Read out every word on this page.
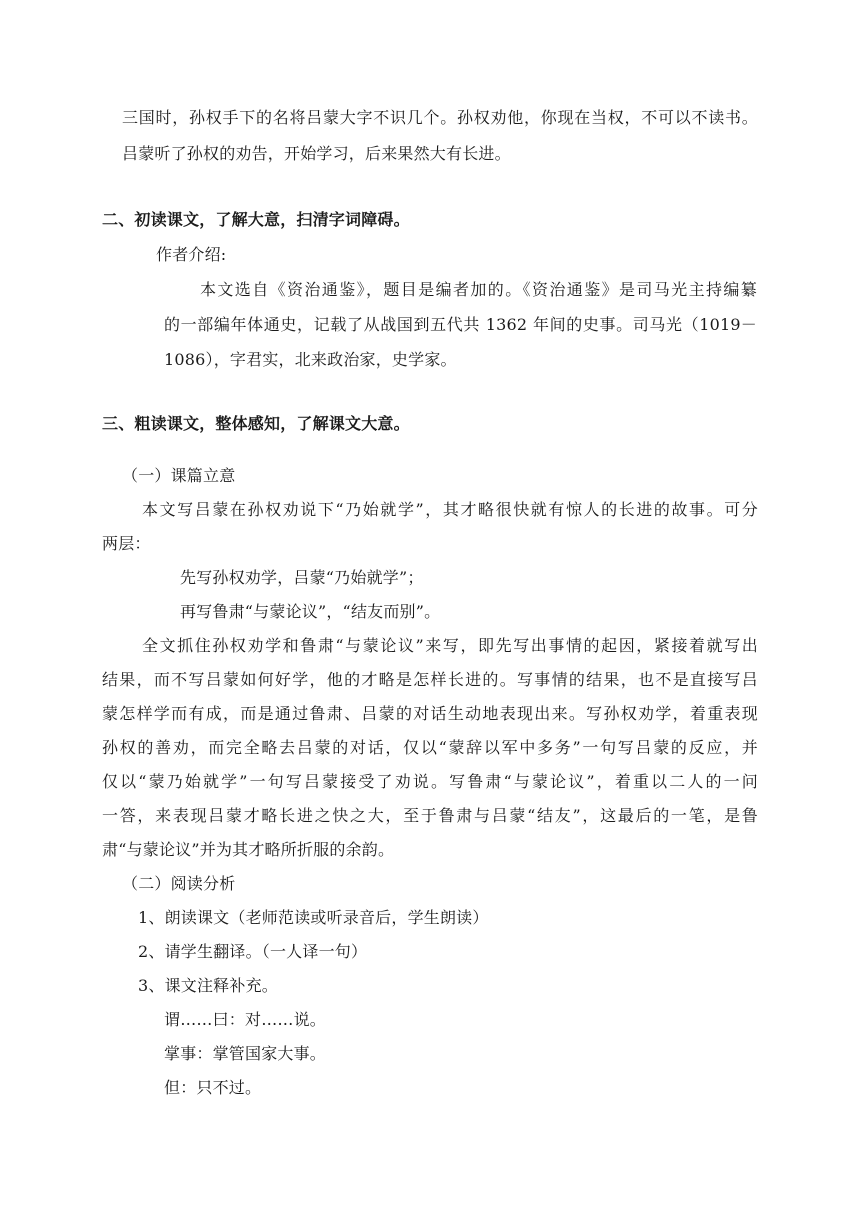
三国时，孙权手下的名将吕蒙大字不识几个。孙权劝他，你现在当权，不可以不读书。
吕蒙听了孙权的劝告，开始学习，后来果然大有长进。
二、初读课文，了解大意，扫清字词障碍。
作者介绍:
本文选自《资治通鉴》，题目是编者加的。《资治通鉴》是司马光主持编纂
的一部编年体通史，记载了从战国到五代共 1362 年间的史事。司马光（1019－
1086），字君实，北来政治家，史学家。
三、粗读课文，整体感知，了解课文大意。
（一）课篇立意
本文写吕蒙在孙权劝说下“乃始就学”，其才略很快就有惊人的长进的故事。可分
两层：
先写孙权劝学，吕蒙“乃始就学”；
再写鲁肃“与蒙论议”，“结友而别”。
全文抓住孙权劝学和鲁肃“与蒙论议”来写，即先写出事情的起因，紧接着就写出
结果，而不写吕蒙如何好学，他的才略是怎样长进的。写事情的结果，也不是直接写吕
蒙怎样学而有成，而是通过鲁肃、吕蒙的对话生动地表现出来。写孙权劝学，着重表现
孙权的善劝，而完全略去吕蒙的对话，仅以“蒙辞以军中多务”一句写吕蒙的反应，并
仅以“蒙乃始就学”一句写吕蒙接受了劝说。写鲁肃“与蒙论议”，着重以二人的一问
一答，来表现吕蒙才略长进之快之大，至于鲁肃与吕蒙“结友”，这最后的一笔，是鲁
肃“与蒙论议”并为其才略所折服的余韵。
（二）阅读分析
1、朗读课文（老师范读或听录音后，学生朗读）
2、请学生翻译。（一人译一句）
3、课文注释补充。
谓……曰：对……说。
掌事：掌管国家大事。
但：只不过。
